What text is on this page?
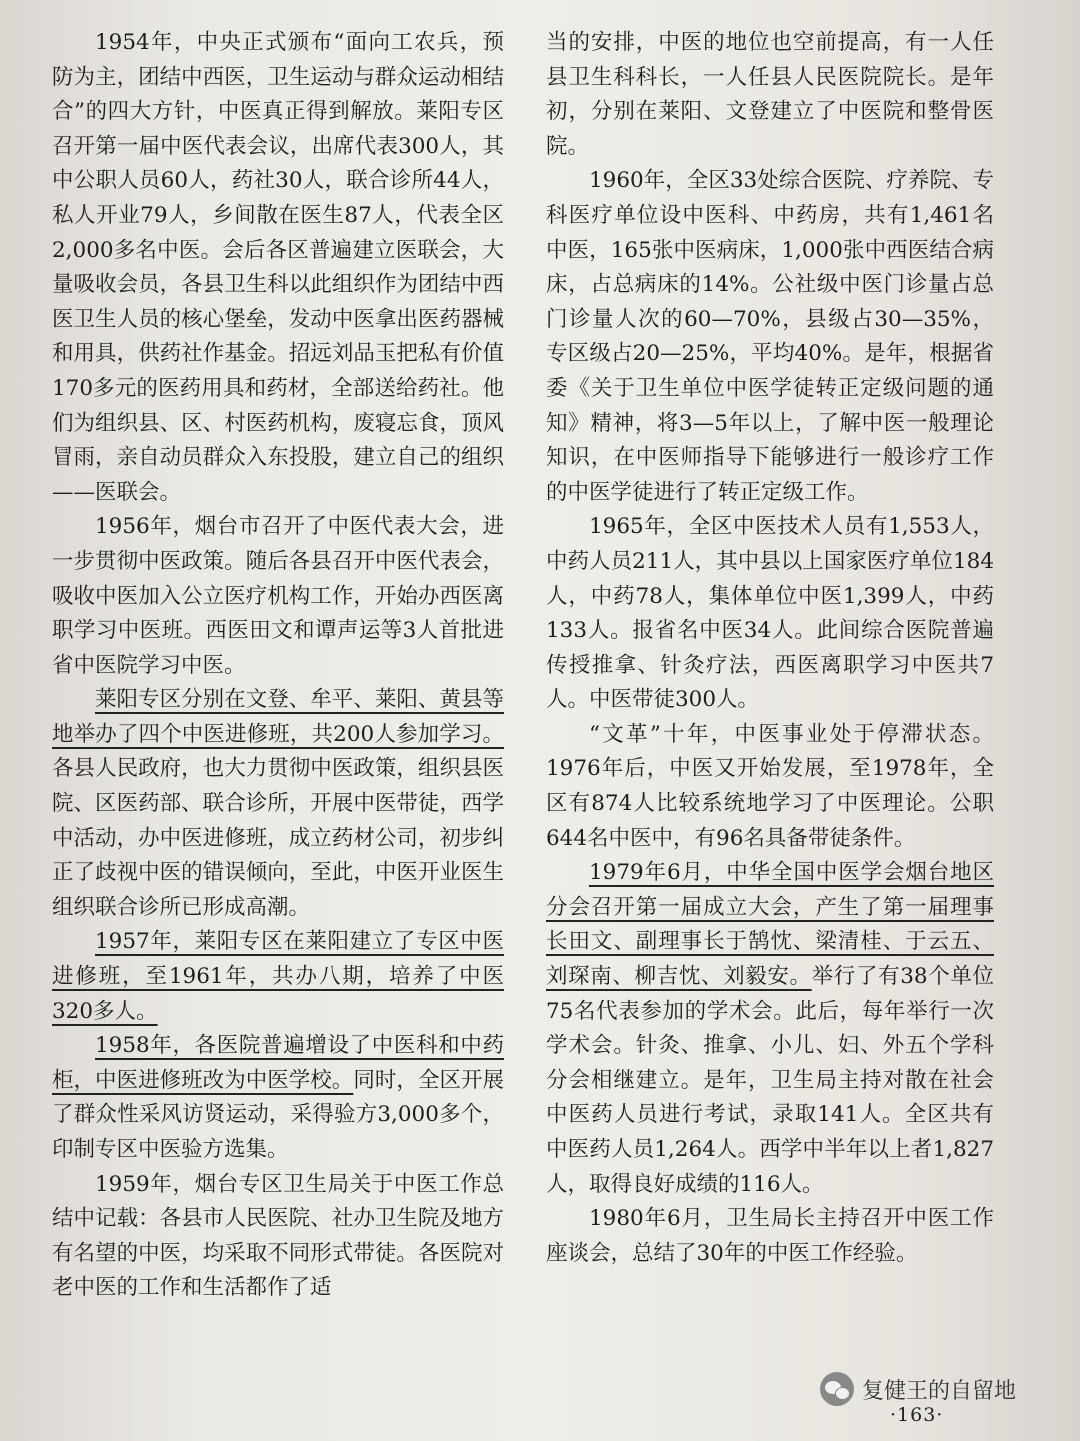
1954年，中央正式颁布“面向工农兵，预防为主，团结中西医，卫生运动与群众运动相结合”的四大方针，中医真正得到解放。莱阳专区召开第一届中医代表会议，出席代表300人，其中公职人员60人，药社30人，联合诊所44人，私人开业79人，乡间散在医生87人，代表全区2,000多名中医。会后各区普遍建立医联会，大量吸收会员，各县卫生科以此组织作为团结中西医卫生人员的核心堡垒，发动中医拿出医药器械和用具，供药社作基金。招远刘品玉把私有价值170多元的医药用具和药材，全部送给药社。他们为组织县、区、村医药机构，废寝忘食，顶风冒雨，亲自动员群众入东投股，建立自己的组织——医联会。

1956年，烟台市召开了中医代表大会，进一步贯彻中医政策。随后各县召开中医代表会，吸收中医加入公立医疗机构工作，开始办西医离职学习中医班。西医田文和谭声运等3人首批进省中医院学习中医。

莱阳专区分别在文登、牟平、莱阳、黄县等地举办了四个中医进修班，共200人参加学习。各县人民政府，也大力贯彻中医政策，组织县医院、区医药部、联合诊所，开展中医带徒，西学中活动，办中医进修班，成立药材公司，初步纠正了歧视中医的错误倾向，至此，中医开业医生组织联合诊所已形成高潮。

1957年，莱阳专区在莱阳建立了专区中医进修班，至1961年，共办八期，培养了中医320多人。

1958年，各医院普遍增设了中医科和中药柜，中医进修班改为中医学校。同时，全区开展了群众性采风访贤运动，采得验方3,000多个，印制专区中医验方选集。

1959年，烟台专区卫生局关于中医工作总结中记载：各县市人民医院、社办卫生院及地方有名望的中医，均采取不同形式带徒。各医院对老中医的工作和生活都作了适

当的安排，中医的地位也空前提高，有一人任县卫生科科长，一人任县人民医院院长。是年初，分别在莱阳、文登建立了中医院和整骨医院。

1960年，全区33处综合医院、疗养院、专科医疗单位设中医科、中药房，共有1,461名中医，165张中医病床，1,000张中西医结合病床，占总病床的14%。公社级中医门诊量占总门诊量人次的60—70%，县级占30—35%，专区级占20—25%，平均40%。是年，根据省委《关于卫生单位中医学徒转正定级问题的通知》精神，将3—5年以上，了解中医一般理论知识，在中医师指导下能够进行一般诊疗工作的中医学徒进行了转正定级工作。

1965年，全区中医技术人员有1,553人，中药人员211人，其中县以上国家医疗单位184人，中药78人，集体单位中医1,399人，中药133人。报省名中医34人。此间综合医院普遍传授推拿、针灸疗法，西医离职学习中医共7人。中医带徒300人。

“文革”十年，中医事业处于停滞状态。1976年后，中医又开始发展，至1978年，全区有874人比较系统地学习了中医理论。公职644名中医中，有96名具备带徒条件。

1979年6月，中华全国中医学会烟台地区分会召开第一届成立大会，产生了第一届理事长田文、副理事长于鹄忱、梁清桂、于云五、刘琛南、柳吉忱、刘毅安。举行了有38个单位75名代表参加的学术会。此后，每年举行一次学术会。针灸、推拿、小儿、妇、外五个学科分会相继建立。是年，卫生局主持对散在社会中医药人员进行考试，录取141人。全区共有中医药人员1,264人。西学中半年以上者1,827人，取得良好成绩的116人。

1980年6月，卫生局长主持召开中医工作座谈会，总结了30年的中医工作经验。

复健王的自留地
·163·
